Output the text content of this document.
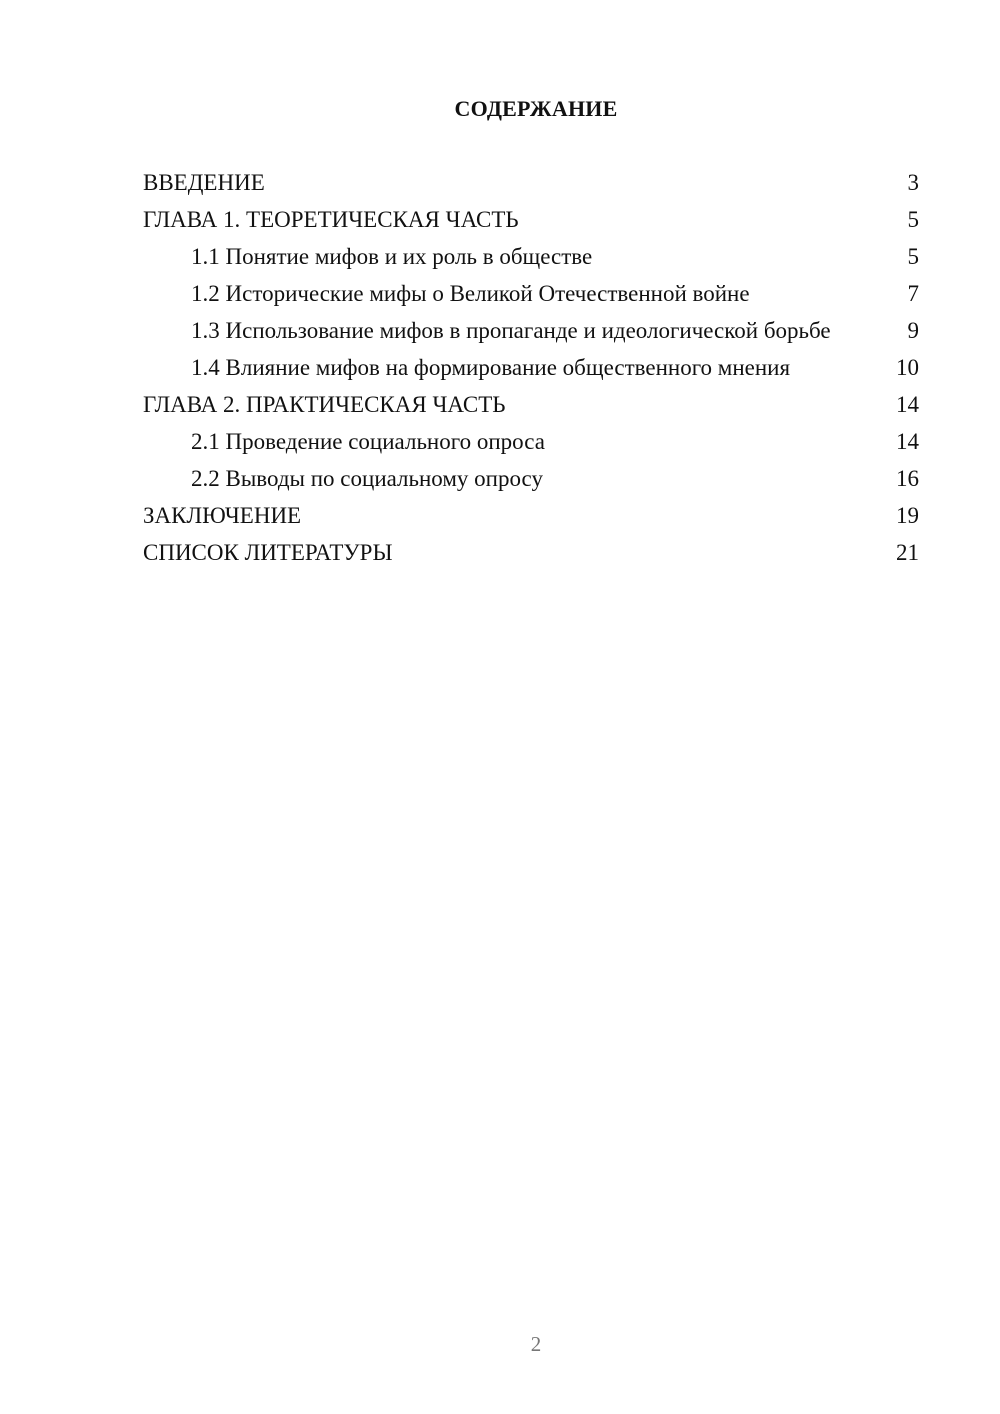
СОДЕРЖАНИЕ
ВВЕДЕНИЕ	3
ГЛАВА 1. ТЕОРЕТИЧЕСКАЯ ЧАСТЬ	5
1.1 Понятие мифов и их роль в обществе	5
1.2 Исторические мифы о Великой Отечественной войне	7
1.3 Использование мифов в пропаганде и идеологической борьбе	9
1.4 Влияние мифов на формирование общественного мнения	10
ГЛАВА 2. ПРАКТИЧЕСКАЯ ЧАСТЬ	14
2.1 Проведение социального опроса	14
2.2 Выводы по социальному опросу	16
ЗАКЛЮЧЕНИЕ	19
СПИСОК ЛИТЕРАТУРЫ	21
2
